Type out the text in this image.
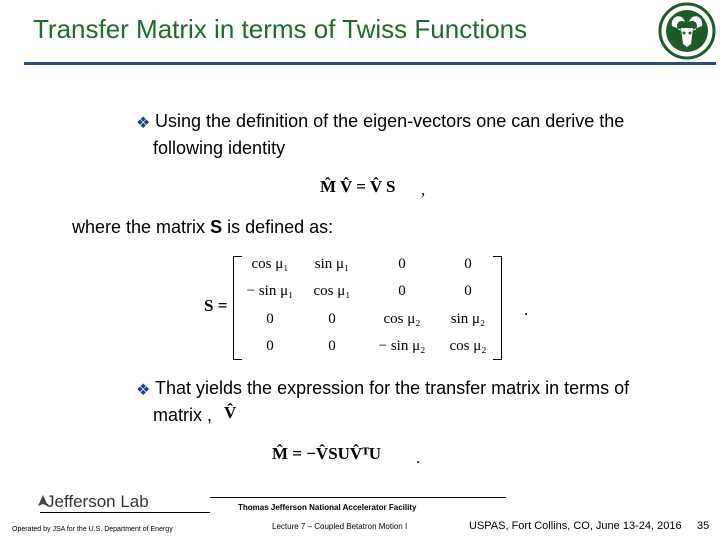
Transfer Matrix in terms of Twiss Functions
❖ Using the definition of the eigen-vectors one can derive the
following identity
M̂ V̂ = V̂ S ,
where the matrix S is defined as:
S =
cos μ₁	sin μ₁	0	0
− sin μ₁	cos μ₁	0	0
0	0	cos μ₂	sin μ₂
0	0	− sin μ₂	cos μ₂
.
❖ That yields the expression for the transfer matrix in terms of
matrix , V̂
M̂ = −V̂SUV̂ᵀU .
Jefferson Lab	Thomas Jefferson National Accelerator Facility
Operated by JSA for the U.S. Department of Energy	Lecture 7 – Coupled Betatron Motion I	USPAS, Fort Collins, CO, June 13-24, 2016 35
